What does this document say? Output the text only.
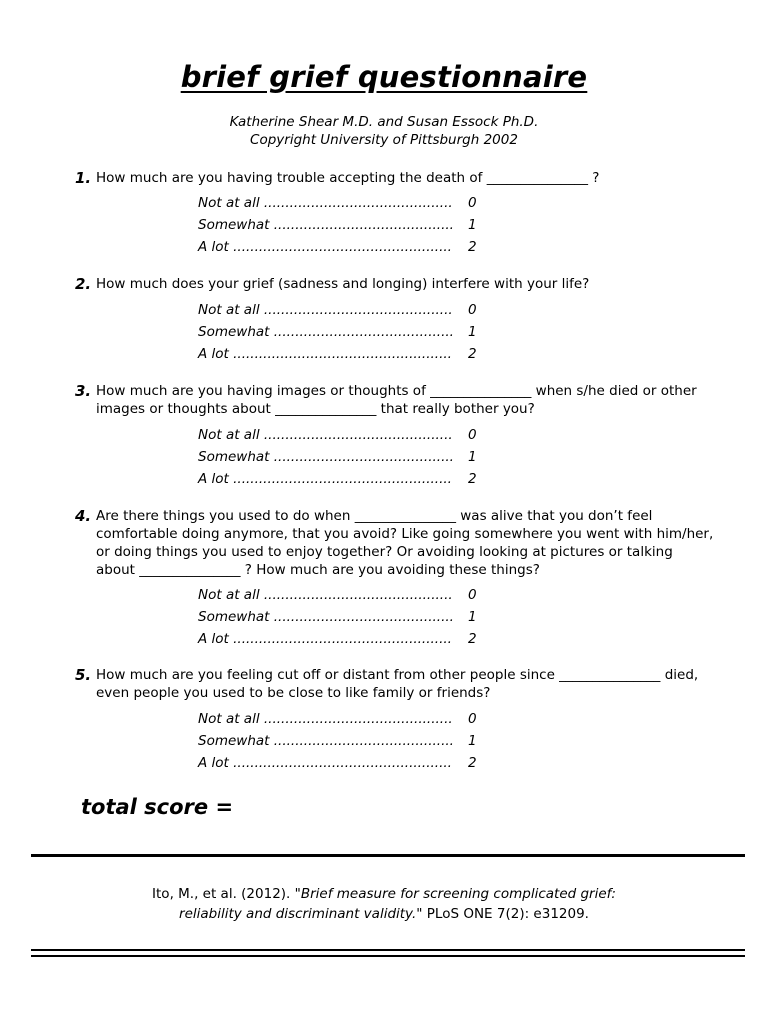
brief grief questionnaire
Katherine Shear M.D. and Susan Essock Ph.D.
Copyright University of Pittsburgh 2002
1. How much are you having trouble accepting the death of _______________ ?
Not at all ............................................ 0
Somewhat .......................................... 1
A lot ................................................... 2
2. How much does your grief (sadness and longing) interfere with your life?
Not at all ............................................ 0
Somewhat .......................................... 1
A lot ................................................... 2
3. How much are you having images or thoughts of _______________ when s/he died or other images or thoughts about _______________ that really bother you?
Not at all ............................................ 0
Somewhat .......................................... 1
A lot ................................................... 2
4. Are there things you used to do when _______________ was alive that you don’t feel comfortable doing anymore, that you avoid? Like going somewhere you went with him/her, or doing things you used to enjoy together? Or avoiding looking at pictures or talking about _______________ ? How much are you avoiding these things?
Not at all ............................................ 0
Somewhat .......................................... 1
A lot ................................................... 2
5. How much are you feeling cut off or distant from other people since _______________ died, even people you used to be close to like family or friends?
Not at all ............................................ 0
Somewhat .......................................... 1
A lot ................................................... 2
total score =
Ito, M., et al. (2012). "Brief measure for screening complicated grief:
reliability and discriminant validity." PLoS ONE 7(2): e31209.
